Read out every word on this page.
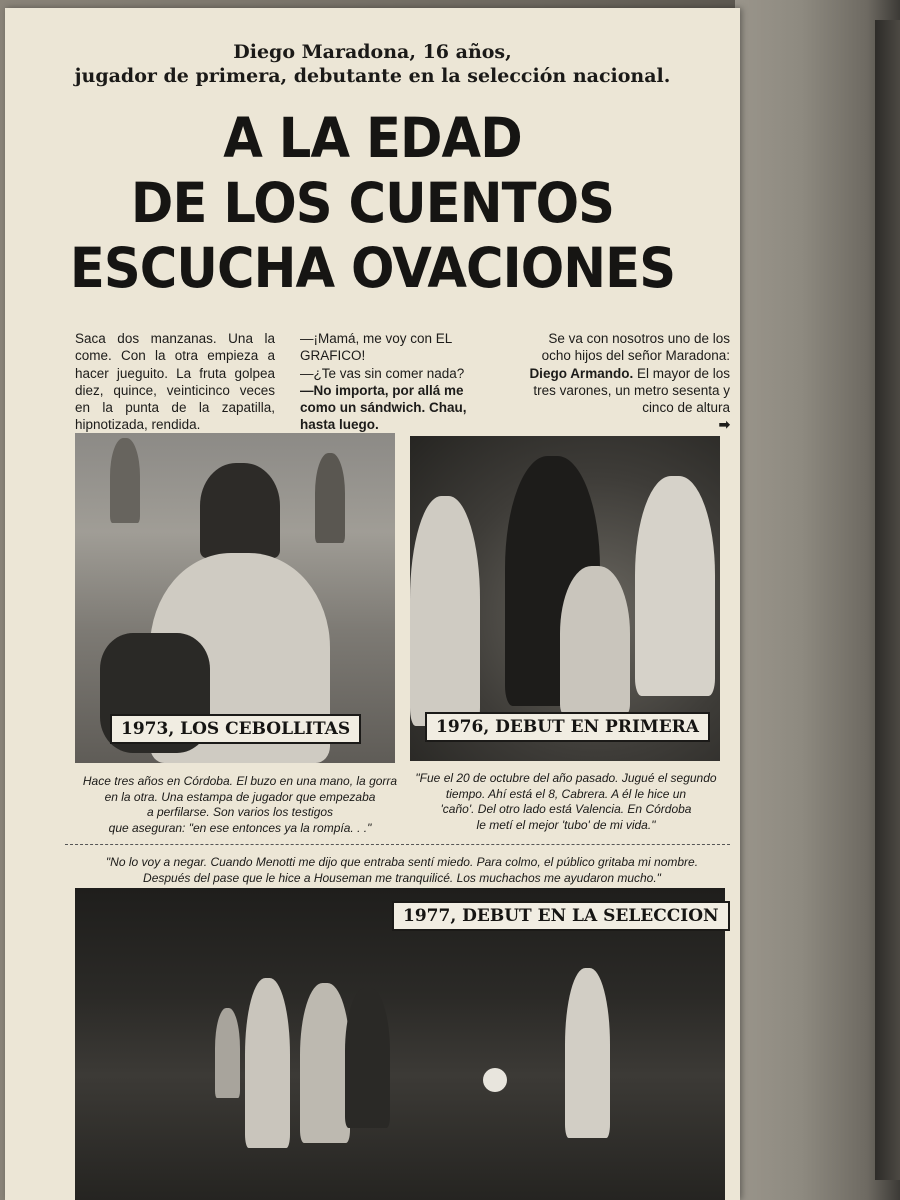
Diego Maradona, 16 años,
jugador de primera, debutante en la selección nacional.
A LA EDAD
DE LOS CUENTOS
ESCUCHA OVACIONES

Saca dos manzanas. Una la come. Con la otra empieza a hacer jueguito. La fruta golpea diez, quince, veinticinco veces en la punta de la zapatilla, hipnotizada, rendida.

—¡Mamá, me voy con EL GRAFICO!

—¿Te vas sin comer nada?

—No importa, por allá me como un sándwich. Chau, hasta luego.

Se va con nosotros uno de los ocho hijos del señor Maradona: Diego Armando. El mayor de los tres varones, un metro sesenta y cinco de altura

➡

1973, LOS CEBOLLITAS	1976, DEBUT EN PRIMERA
Hace tres años en Córdoba. El buzo en una mano, la gorra
en la otra. Una estampa de jugador que empezaba
a perfilarse. Son varios los testigos
que aseguran: "en ese entonces ya la rompía. . ."
"Fue el 20 de octubre del año pasado. Jugué el segundo
tiempo. Ahí está el 8, Cabrera. A él le hice un
'caño'. Del otro lado está Valencia. En Córdoba
le metí el mejor 'tubo' de mi vida."
"No lo voy a negar. Cuando Menotti me dijo que entraba sentí miedo. Para colmo, el público gritaba mi nombre.
Después del pase que le hice a Houseman me tranquilicé. Los muchachos me ayudaron mucho."
1977, DEBUT EN LA SELECCION
